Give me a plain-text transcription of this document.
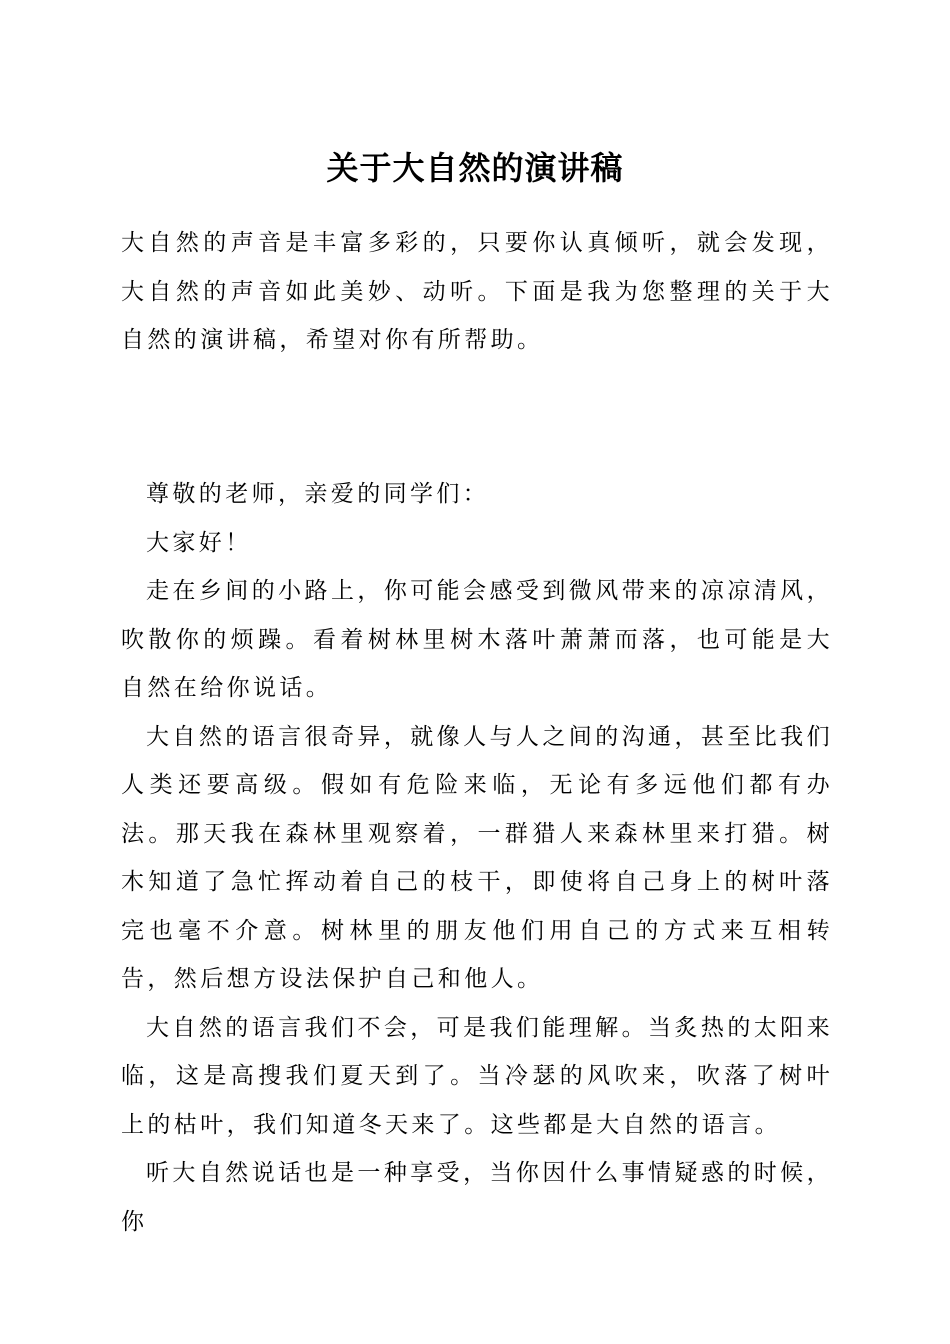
关于大自然的演讲稿

大自然的声音是丰富多彩的，只要你认真倾听，就会发现，大自然的声音如此美妙、动听。下面是我为您整理的关于大自然的演讲稿，希望对你有所帮助。

尊敬的老师，亲爱的同学们：

大家好！

走在乡间的小路上，你可能会感受到微风带来的凉凉清风，吹散你的烦躁。看着树林里树木落叶萧萧而落，也可能是大自然在给你说话。

大自然的语言很奇异，就像人与人之间的沟通，甚至比我们人类还要高级。假如有危险来临，无论有多远他们都有办法。那天我在森林里观察着，一群猎人来森林里来打猎。树木知道了急忙挥动着自己的枝干，即使将自己身上的树叶落完也毫不介意。树林里的朋友他们用自己的方式来互相转告，然后想方设法保护自己和他人。

大自然的语言我们不会，可是我们能理解。当炙热的太阳来临，这是高搜我们夏天到了。当冷瑟的风吹来，吹落了树叶上的枯叶，我们知道冬天来了。这些都是大自然的语言。

听大自然说话也是一种享受，当你因什么事情疑惑的时候，你
